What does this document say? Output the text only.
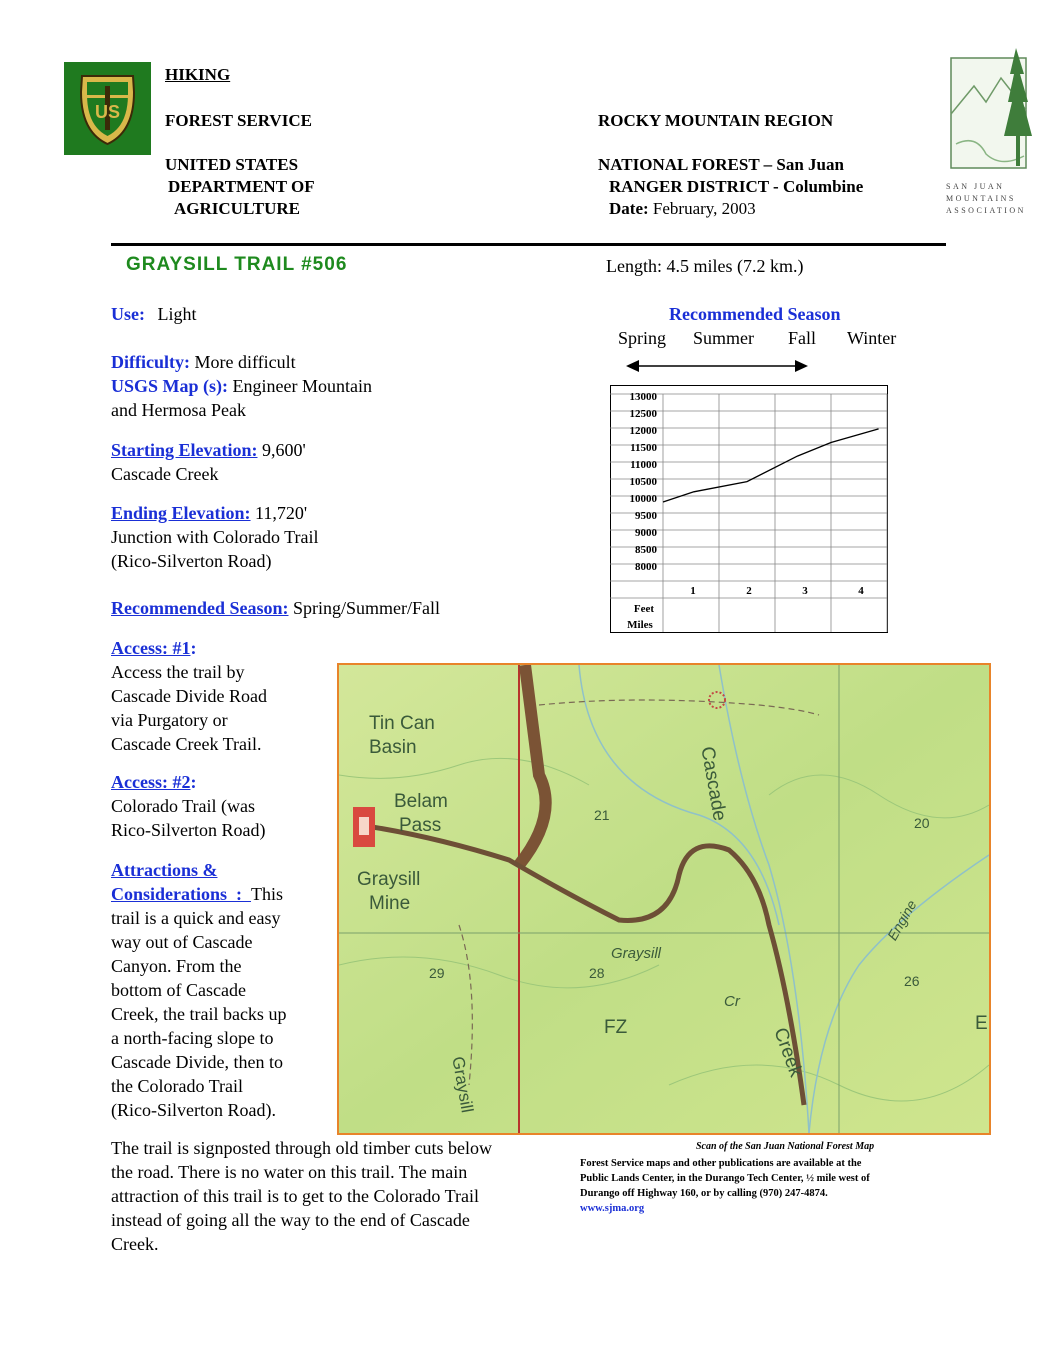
US
HIKING
FOREST SERVICE	ROCKY MOUNTAIN REGION
UNITED STATES
DEPARTMENT OF
AGRICULTURE
NATIONAL FOREST – San Juan
RANGER DISTRICT - Columbine
Date: February, 2003
SAN JUAN
MOUNTAINS
ASSOCIATION
GRAYSILL TRAIL #506	Length: 4.5 miles (7.2 km.)
Use: Light
Difficulty: More difficult
USGS Map (s): Engineer Mountain
and Hermosa Peak
Starting Elevation: 9,600'
Cascade Creek
Ending Elevation: 11,720'
Junction with Colorado Trail
(Rico-Silverton Road)
Recommended Season: Spring/Summer/Fall
Access: #1:
Access the trail by
Cascade Divide Road
via Purgatory or
Cascade Creek Trail.
Access: #2:
Colorado Trail (was
Rico-Silverton Road)
Attractions &
Considerations  :  This
trail is a quick and easy
way out of Cascade
Canyon. From the
bottom of Cascade
Creek, the trail backs up
a north-facing slope to
Cascade Divide, then to
the Colorado Trail
(Rico-Silverton Road).
The trail is signposted through old timber cuts below
the road. There is no water on this trail. The main
attraction of this trail is to get to the Colorado Trail
instead of going all the way to the end of Cascade
Creek.
Recommended Season
Spring Summer Fall Winter
13000
12500
12000
11500
11000
10500
10000
9500
9000
8500
8000
1	2	3	4
Feet
Miles
Tin Can
Basin
Belam
Pass
Graysill
Mine
Cascade
Graysill
Cr
Creek
Engine
29	28	26
20
21
FZ
Graysill
E
Scan of the San Juan National Forest Map
Forest Service maps and other publications are available at the
Public Lands Center, in the Durango Tech Center, ½ mile west of
Durango off Highway 160, or by calling (970) 247-4874.
www.sjma.org
